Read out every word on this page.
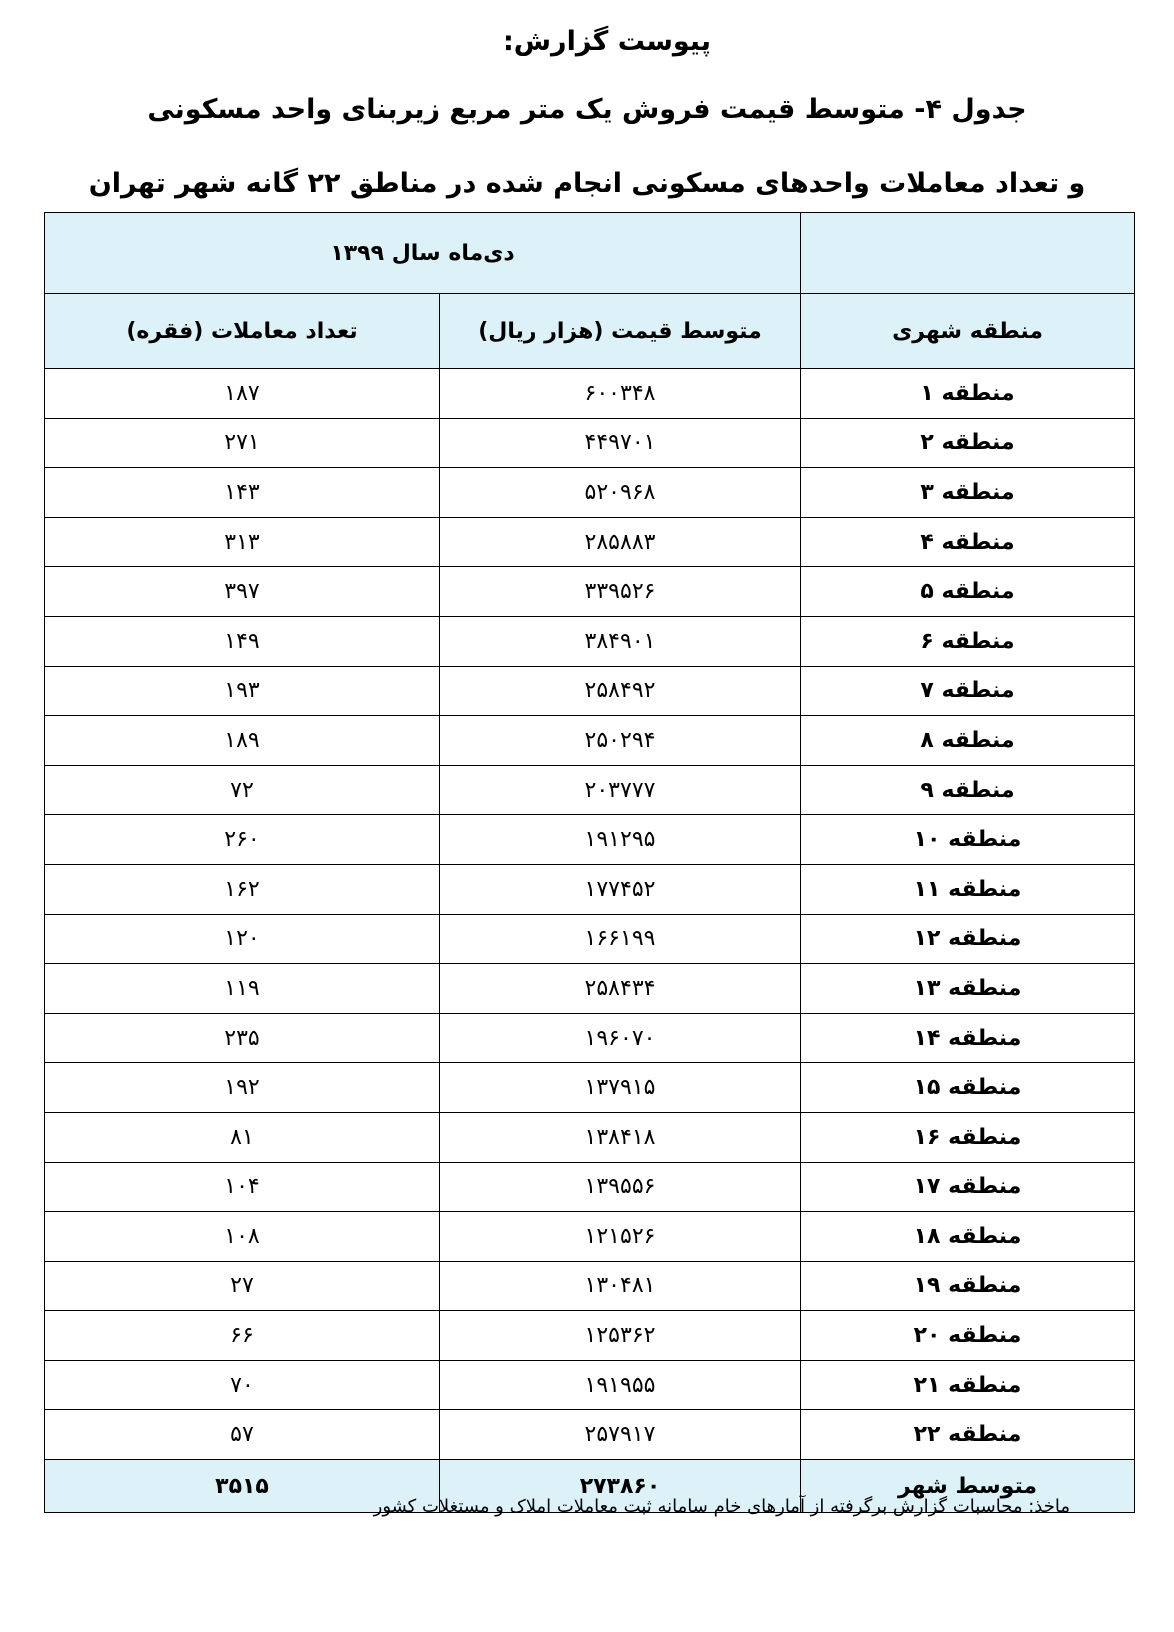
پیوست گزارش:
جدول ۴- متوسط قیمت فروش یک متر مربع زیربنای واحد مسکونی
و تعداد معاملات واحدهای مسکونی انجام شده در مناطق ۲۲ گانه شهر تهران
	دی‌ماه سال ۱۳۹۹	
منطقه شهری	متوسط قیمت (هزار ریال)	تعداد معاملات (فقره)
منطقه ۱	۶۰۰۳۴۸	۱۸۷
منطقه ۲	۴۴۹۷۰۱	۲۷۱
منطقه ۳	۵۲۰۹۶۸	۱۴۳
منطقه ۴	۲۸۵۸۸۳	۳۱۳
منطقه ۵	۳۳۹۵۲۶	۳۹۷
منطقه ۶	۳۸۴۹۰۱	۱۴۹
منطقه ۷	۲۵۸۴۹۲	۱۹۳
منطقه ۸	۲۵۰۲۹۴	۱۸۹
منطقه ۹	۲۰۳۷۷۷	۷۲
منطقه ۱۰	۱۹۱۲۹۵	۲۶۰
منطقه ۱۱	۱۷۷۴۵۲	۱۶۲
منطقه ۱۲	۱۶۶۱۹۹	۱۲۰
منطقه ۱۳	۲۵۸۴۳۴	۱۱۹
منطقه ۱۴	۱۹۶۰۷۰	۲۳۵
منطقه ۱۵	۱۳۷۹۱۵	۱۹۲
منطقه ۱۶	۱۳۸۴۱۸	۸۱
منطقه ۱۷	۱۳۹۵۵۶	۱۰۴
منطقه ۱۸	۱۲۱۵۲۶	۱۰۸
منطقه ۱۹	۱۳۰۴۸۱	۲۷
منطقه ۲۰	۱۲۵۳۶۲	۶۶
منطقه ۲۱	۱۹۱۹۵۵	۷۰
منطقه ۲۲	۲۵۷۹۱۷	۵۷
متوسط شهر	۲۷۳۸۶۰	۳۵۱۵
ماخذ: محاسبات گزارش برگرفته از آمارهای خام سامانه ثبت معاملات املاک و مستغلات کشور
